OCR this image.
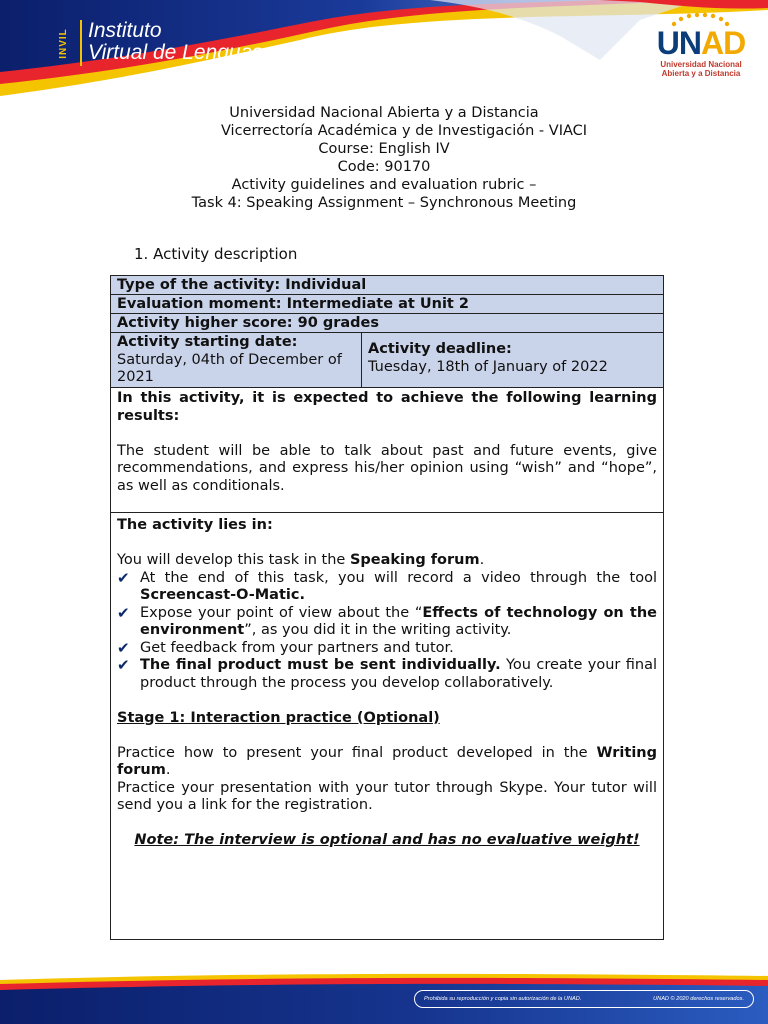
INVIL Instituto
Virtual de Lenguas	UNAD
Universidad Nacional
Abierta y a Distancia
Universidad Nacional Abierta y a Distancia
Vicerrectoría Académica y de Investigación - VIACI
Course: English IV
Code: 90170
Activity guidelines and evaluation rubric –
Task 4: Speaking Assignment – Synchronous Meeting
1. Activity description
Type of the activity: Individual
Evaluation moment: Intermediate at Unit 2
Activity higher score: 90 grades
Activity starting date:
Saturday, 04th of December of 2021
Activity deadline:
Tuesday, 18th of January of 2022
In this activity, it is expected to achieve the following learning results:
The student will be able to talk about past and future events, give recommendations, and express his/her opinion using “wish” and “hope”, as well as conditionals.
The activity lies in:
You will develop this task in the Speaking forum.
✔ At the end of this task, you will record a video through the tool Screencast-O-Matic.
✔ Expose your point of view about the “Effects of technology on the environment”, as you did it in the writing activity.
✔ Get feedback from your partners and tutor.
✔ The final product must be sent individually. You create your final product through the process you develop collaboratively.
Stage 1: Interaction practice (Optional)
Practice how to present your final product developed in the Writing forum.
Practice your presentation with your tutor through Skype. Your tutor will send you a link for the registration.
Note: The interview is optional and has no evaluative weight!
Prohibida su reproducción y copia sin autorización de la UNAD.	UNAD © 2020 derechos reservados.
